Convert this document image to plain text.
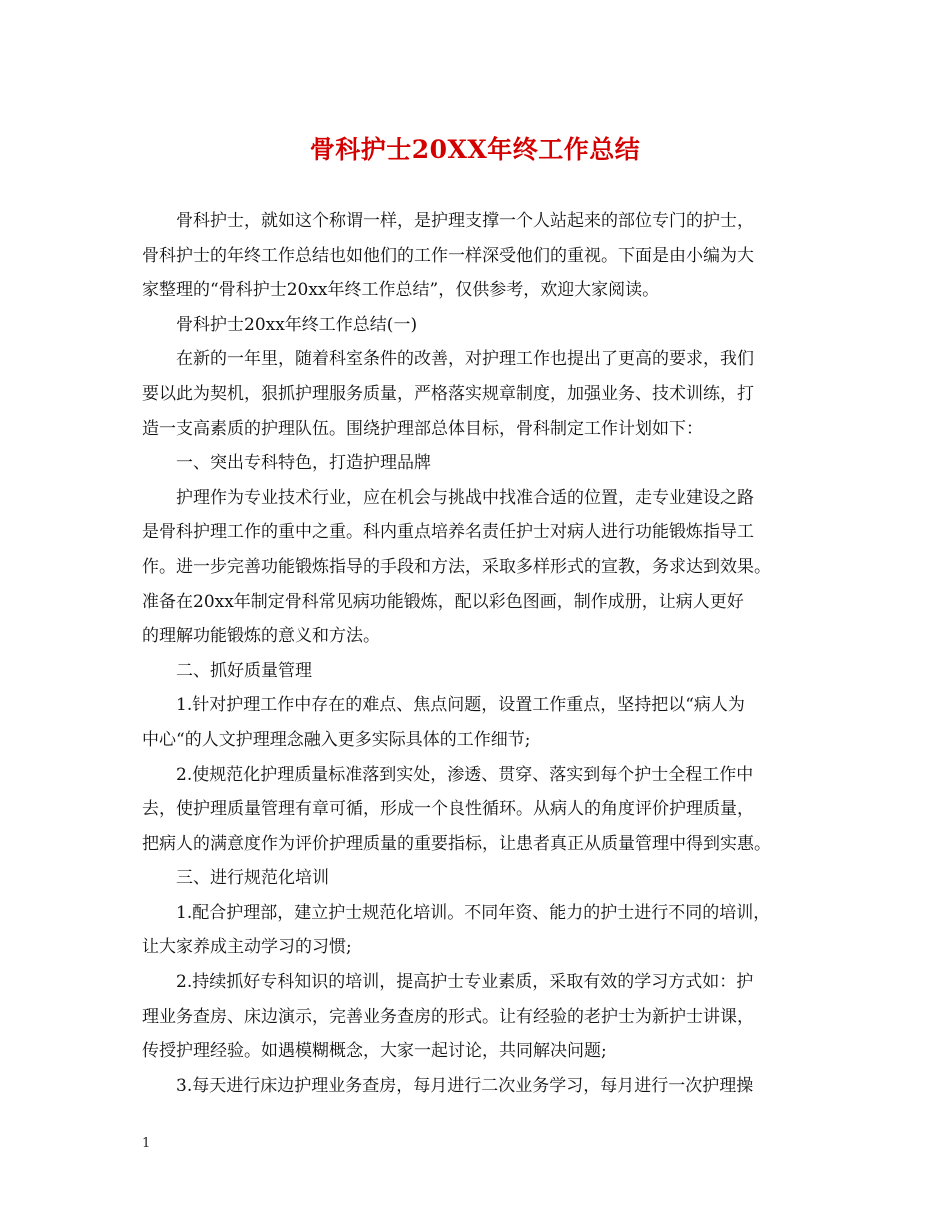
骨科护士20XX年终工作总结
骨科护士，就如这个称谓一样，是护理支撑一个人站起来的部位专门的护士，
骨科护士的年终工作总结也如他们的工作一样深受他们的重视。下面是由小编为大
家整理的“骨科护士20xx年终工作总结”，仅供参考，欢迎大家阅读。
骨科护士20xx年终工作总结(一)
在新的一年里，随着科室条件的改善，对护理工作也提出了更高的要求，我们
要以此为契机，狠抓护理服务质量，严格落实规章制度，加强业务、技术训练，打
造一支高素质的护理队伍。围绕护理部总体目标，骨科制定工作计划如下：
一、突出专科特色，打造护理品牌
护理作为专业技术行业，应在机会与挑战中找准合适的位置，走专业建设之路
是骨科护理工作的重中之重。科内重点培养名责任护士对病人进行功能锻炼指导工
作。进一步完善功能锻炼指导的手段和方法，采取多样形式的宣教，务求达到效果。
准备在20xx年制定骨科常见病功能锻炼，配以彩色图画，制作成册，让病人更好
的理解功能锻炼的意义和方法。
二、抓好质量管理
1.针对护理工作中存在的难点、焦点问题，设置工作重点，坚持把以“病人为
中心“的人文护理理念融入更多实际具体的工作细节;
2.使规范化护理质量标准落到实处，渗透、贯穿、落实到每个护士全程工作中
去，使护理质量管理有章可循，形成一个良性循环。从病人的角度评价护理质量，
把病人的满意度作为评价护理质量的重要指标，让患者真正从质量管理中得到实惠。
三、进行规范化培训
1.配合护理部，建立护士规范化培训。不同年资、能力的护士进行不同的培训，
让大家养成主动学习的习惯;
2.持续抓好专科知识的培训，提高护士专业素质，采取有效的学习方式如：护
理业务查房、床边演示，完善业务查房的形式。让有经验的老护士为新护士讲课，
传授护理经验。如遇模糊概念，大家一起讨论，共同解决问题;
3.每天进行床边护理业务查房，每月进行二次业务学习，每月进行一次护理操
1
